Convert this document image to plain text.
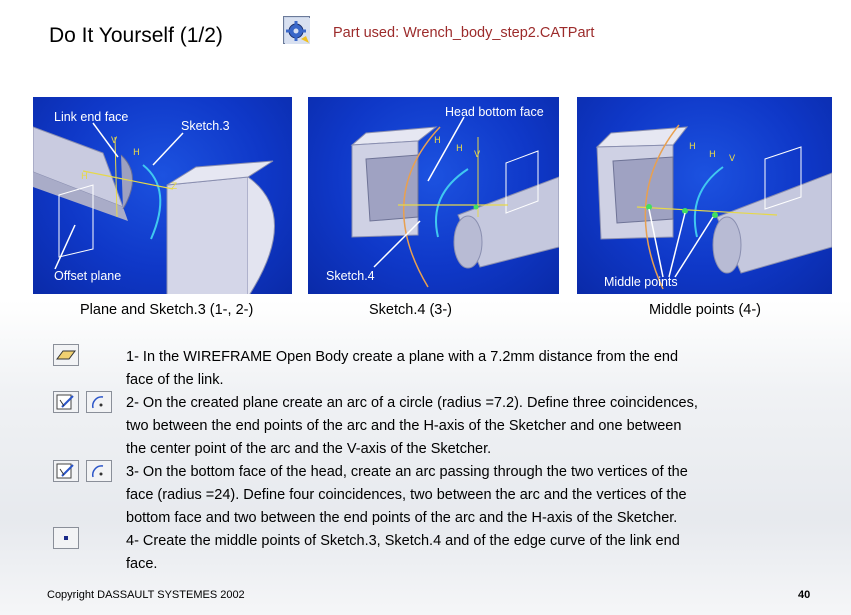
Do It Yourself (1/2)	Part used: Wrench_body_step2.CATPart
V
H
H
Z
Link end face
Sketch.3
Offset plane
H
H
V
Head bottom face
Sketch.4
H
H V
Middle points
Plane and Sketch.3 (1-, 2-)	Sketch.4 (3-)	Middle points (4-)

1- In the WIREFRAME Open Body create a plane with a 7.2mm distance from the end

face of the link.

2- On the created plane create an arc of a circle (radius =7.2). Define three coincidences,

two between the end points of the arc and the H-axis of the Sketcher and one between

the center point of the arc and the V-axis of the Sketcher.

3- On the bottom face of the head, create an arc passing through the two vertices of the

face (radius =24). Define four coincidences, two between the arc and the vertices of the

bottom face and two between the end points of the arc and the H-axis of the Sketcher.

4- Create the middle points of Sketch.3, Sketch.4 and of the edge curve of the link end

face.

Copyright DASSAULT SYSTEMES 2002	40
